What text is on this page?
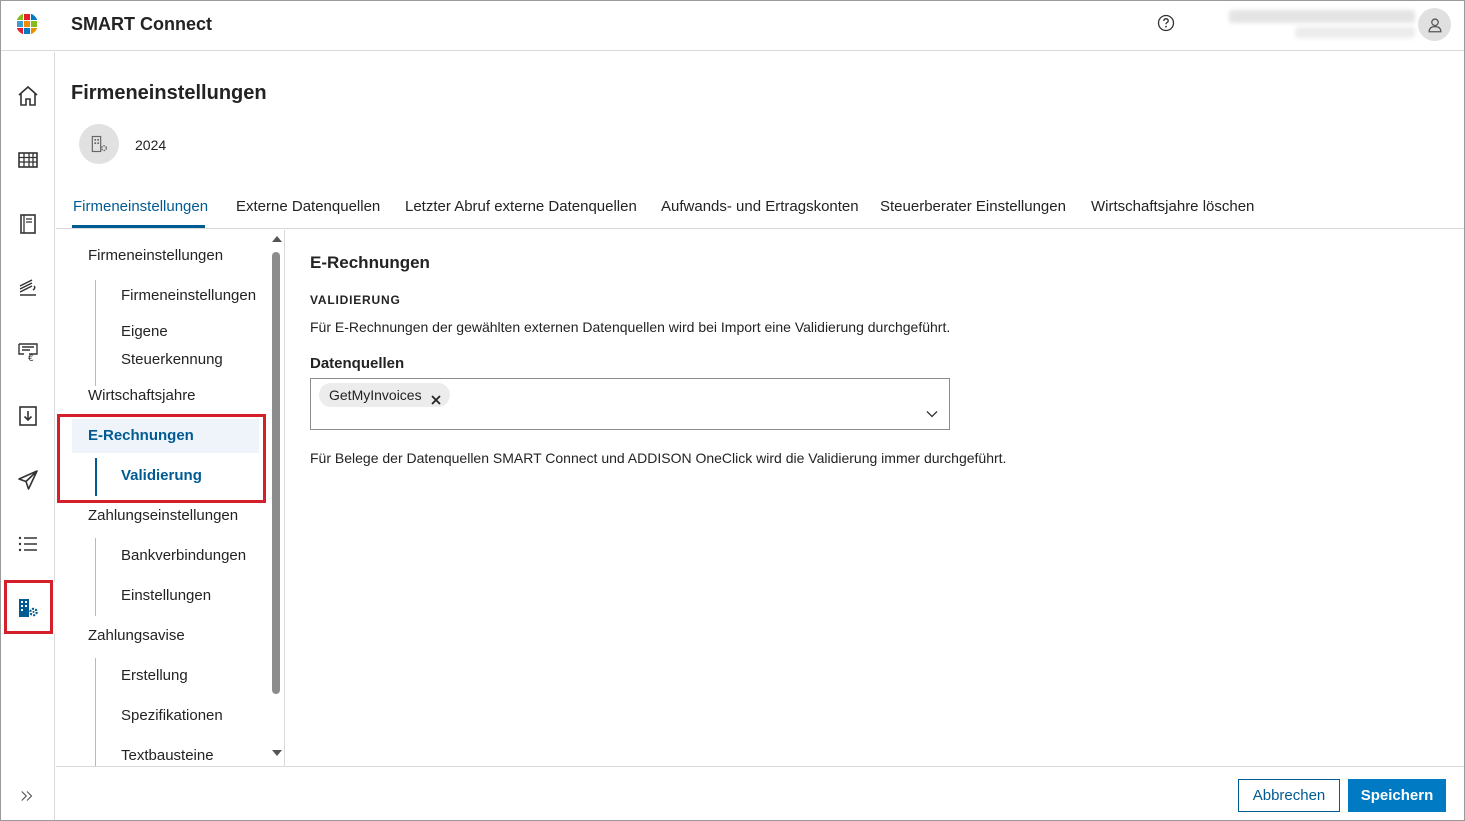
SMART Connect
€
Firmeneinstellungen
2024
Firmeneinstellungen Externe Datenquellen Letzter Abruf externe Datenquellen Aufwands- und Ertragskonten Steuerberater Einstellungen Wirtschaftsjahre löschen
Firmeneinstellungen
Firmeneinstellungen
Eigene
Steuerkennung
Wirtschaftsjahre
E-Rechnungen
Validierung
Zahlungseinstellungen
Bankverbindungen
Einstellungen
Zahlungsavise
Erstellung
Spezifikationen
Textbausteine
E-Rechnungen
VALIDIERUNG
Für E-Rechnungen der gewählten externen Datenquellen wird bei Import eine Validierung durchgeführt.
Datenquellen
GetMyInvoices
Für Belege der Datenquellen SMART Connect und ADDISON OneClick wird die Validierung immer durchgeführt.
Abbrechen	Speichern
